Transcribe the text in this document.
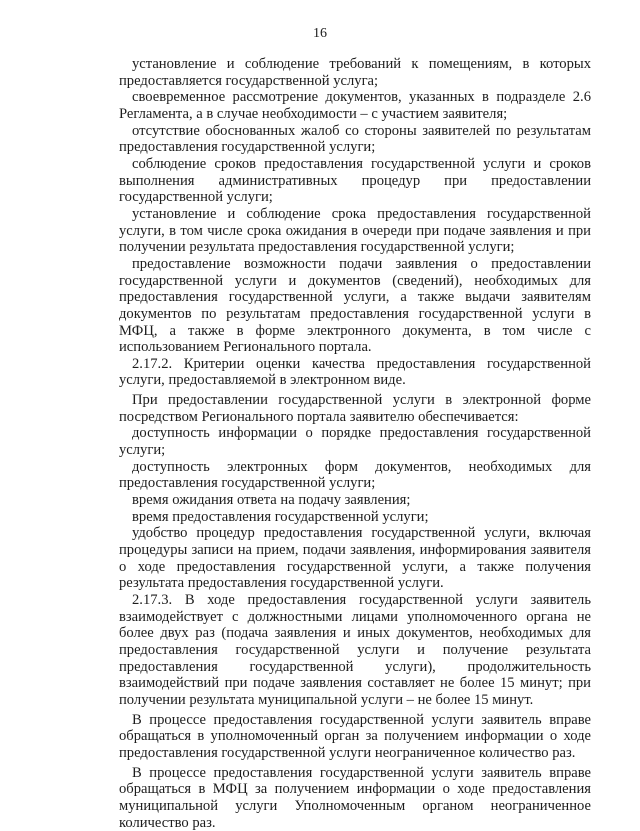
16

установление и соблюдение требований к помещениям, в которых предоставляется государственной услуга;

своевременное рассмотрение документов, указанных в подразделе 2.6 Регламента, а в случае необходимости – с участием заявителя;

отсутствие обоснованных жалоб со стороны заявителей по результатам предоставления государственной услуги;

соблюдение сроков предоставления государственной услуги и сроков выполнения административных процедур при предоставлении государственной услуги;

установление и соблюдение срока предоставления государственной услуги, в том числе срока ожидания в очереди при подаче заявления и при получении результата предоставления государственной услуги;

предоставление возможности подачи заявления о предоставлении государственной услуги и документов (сведений), необходимых для предоставления государственной услуги, а также выдачи заявителям документов по результатам предоставления государственной услуги в МФЦ, а также в форме электронного документа, в том числе с использованием Регионального портала.

2.17.2. Критерии оценки качества предоставления государственной услуги, предоставляемой в электронном виде.

При предоставлении государственной услуги в электронной форме посредством Регионального портала заявителю обеспечивается:

доступность информации о порядке предоставления государственной услуги;

доступность электронных форм документов, необходимых для предоставления государственной услуги;

время ожидания ответа на подачу заявления;

время предоставления государственной услуги;

удобство процедур предоставления государственной услуги, включая процедуры записи на прием, подачи заявления, информирования заявителя о ходе предоставления государственной услуги, а также получения результата предоставления государственной услуги.

2.17.3. В ходе предоставления государственной услуги заявитель взаимодействует с должностными лицами уполномоченного органа не более двух раз (подача заявления и иных документов, необходимых для предоставления государственной услуги и получение результата предоставления государственной услуги), продолжительность взаимодействий при подаче заявления составляет не более 15 минут; при получении результата муниципальной услуги – не более 15 минут.

В процессе предоставления государственной услуги заявитель вправе обращаться в уполномоченный орган за получением информации о ходе предоставления государственной услуги неограниченное количество раз.

В процессе предоставления государственной услуги заявитель вправе обращаться в МФЦ за получением информации о ходе предоставления муниципальной услуги Уполномоченным органом неограниченное количество раз.
